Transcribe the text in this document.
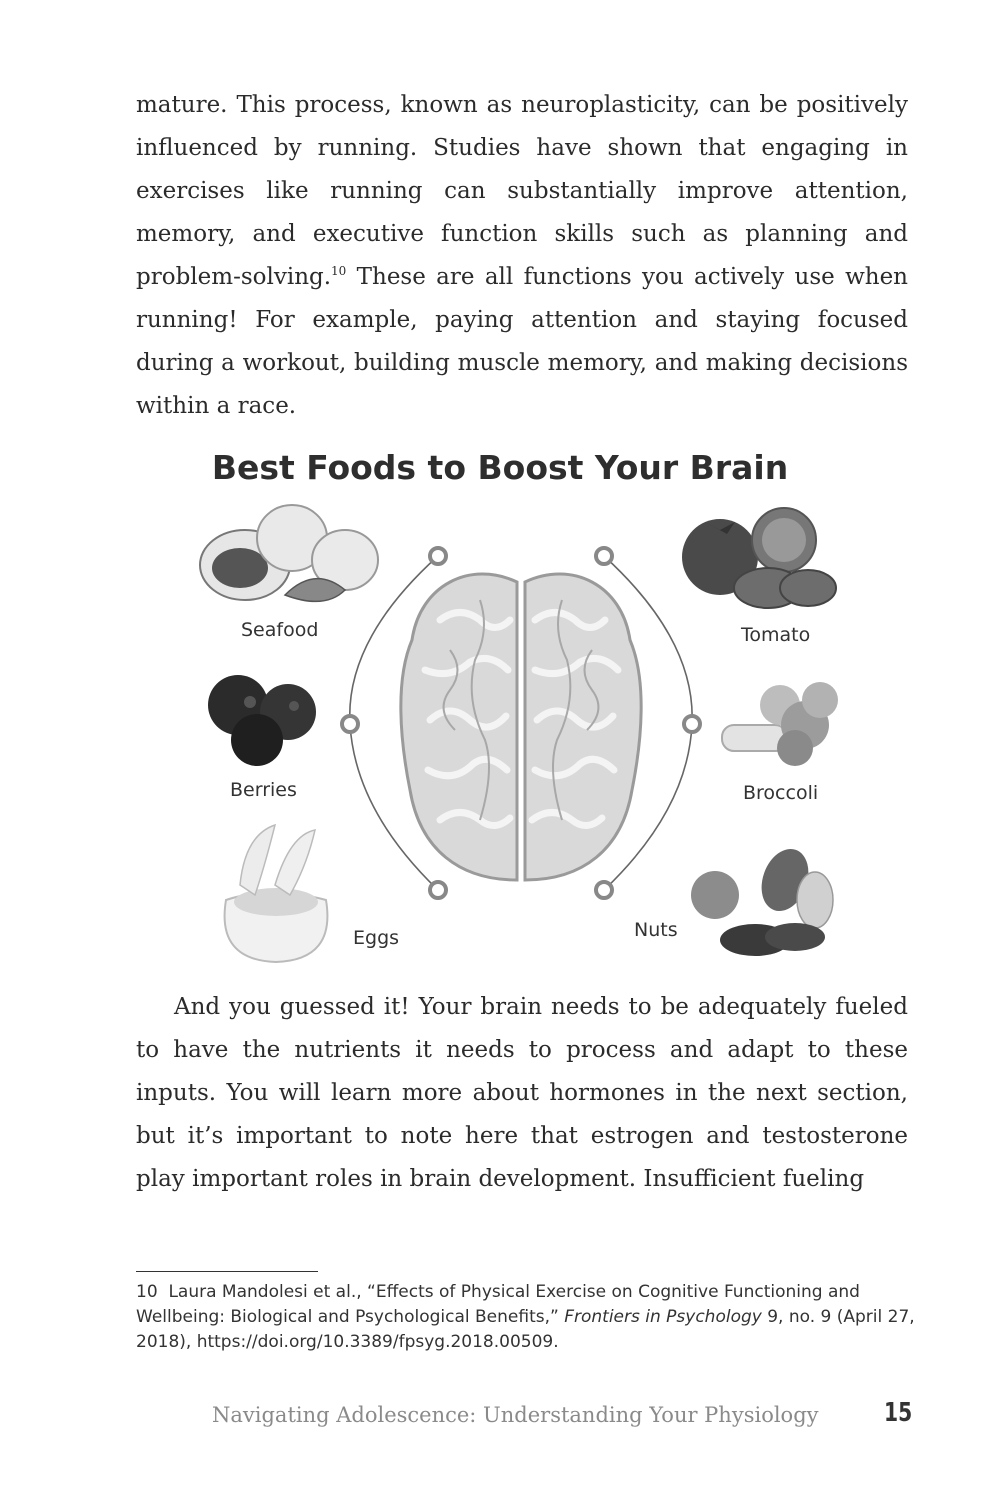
mature. This process, known as neuroplasticity, can be positively influenced by running. Studies have shown that engaging in exercises like running can substantially improve attention, memory, and executive function skills such as planning and problem-solving.$^{10}$ These are all functions you actively use when running! For example, paying attention and staying focused during a workout, building muscle memory, and making decisions within a race.

Best Foods to Boost Your Brain
Seafood	Tomato
Berries	Broccoli
Eggs	Nuts

And you guessed it! Your brain needs to be adequately fueled to have the nutrients it needs to process and adapt to these inputs. You will learn more about hormones in the next section, but it’s important to note here that estrogen and testosterone play important roles in brain development. Insufficient fueling

10 Laura Mandolesi et al., “Effects of Physical Exercise on Cognitive Functioning and Wellbeing: Biological and Psychological Benefits,” Frontiers in Psychology 9, no. 9 (April 27, 2018), https://doi.org/10.3389/fpsyg.2018.00509.

Navigating Adolescence: Understanding Your Physiology	15
